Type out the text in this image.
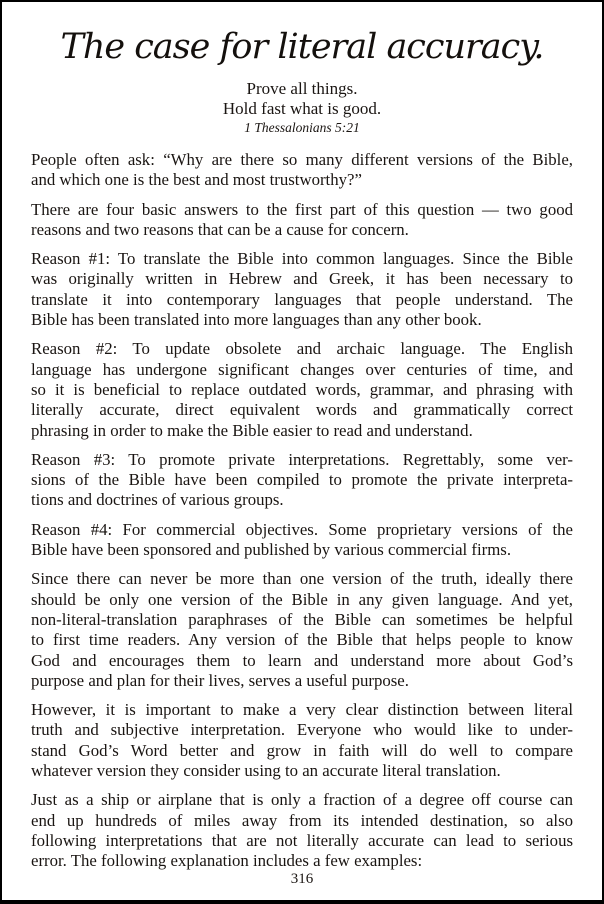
The case for literal accuracy.
Prove all things.
Hold fast what is good.
1 Thessalonians 5:21

People often ask: “Why are there so many different versions of the Bible,
and which one is the best and most trustworthy?”

There are four basic answers to the first part of this question — two good
reasons and two reasons that can be a cause for concern.

Reason #1: To translate the Bible into common languages. Since the Bible
was originally written in Hebrew and Greek, it has been necessary to
translate it into contemporary languages that people understand. The
Bible has been translated into more languages than any other book.

Reason #2: To update obsolete and archaic language. The English
language has undergone significant changes over centuries of time, and
so it is beneficial to replace outdated words, grammar, and phrasing with
literally accurate, direct equivalent words and grammatically correct
phrasing in order to make the Bible easier to read and understand.

Reason #3: To promote private interpretations. Regrettably, some ver-
sions of the Bible have been compiled to promote the private interpreta-
tions and doctrines of various groups.

Reason #4: For commercial objectives. Some proprietary versions of the
Bible have been sponsored and published by various commercial firms.

Since there can never be more than one version of the truth, ideally there
should be only one version of the Bible in any given language. And yet,
non-literal-translation paraphrases of the Bible can sometimes be helpful
to first time readers. Any version of the Bible that helps people to know
God and encourages them to learn and understand more about God’s
purpose and plan for their lives, serves a useful purpose.

However, it is important to make a very clear distinction between literal
truth and subjective interpretation. Everyone who would like to under-
stand God’s Word better and grow in faith will do well to compare
whatever version they consider using to an accurate literal translation.

Just as a ship or airplane that is only a fraction of a degree off course can
end up hundreds of miles away from its intended destination, so also
following interpretations that are not literally accurate can lead to serious
error. The following explanation includes a few examples:

316
